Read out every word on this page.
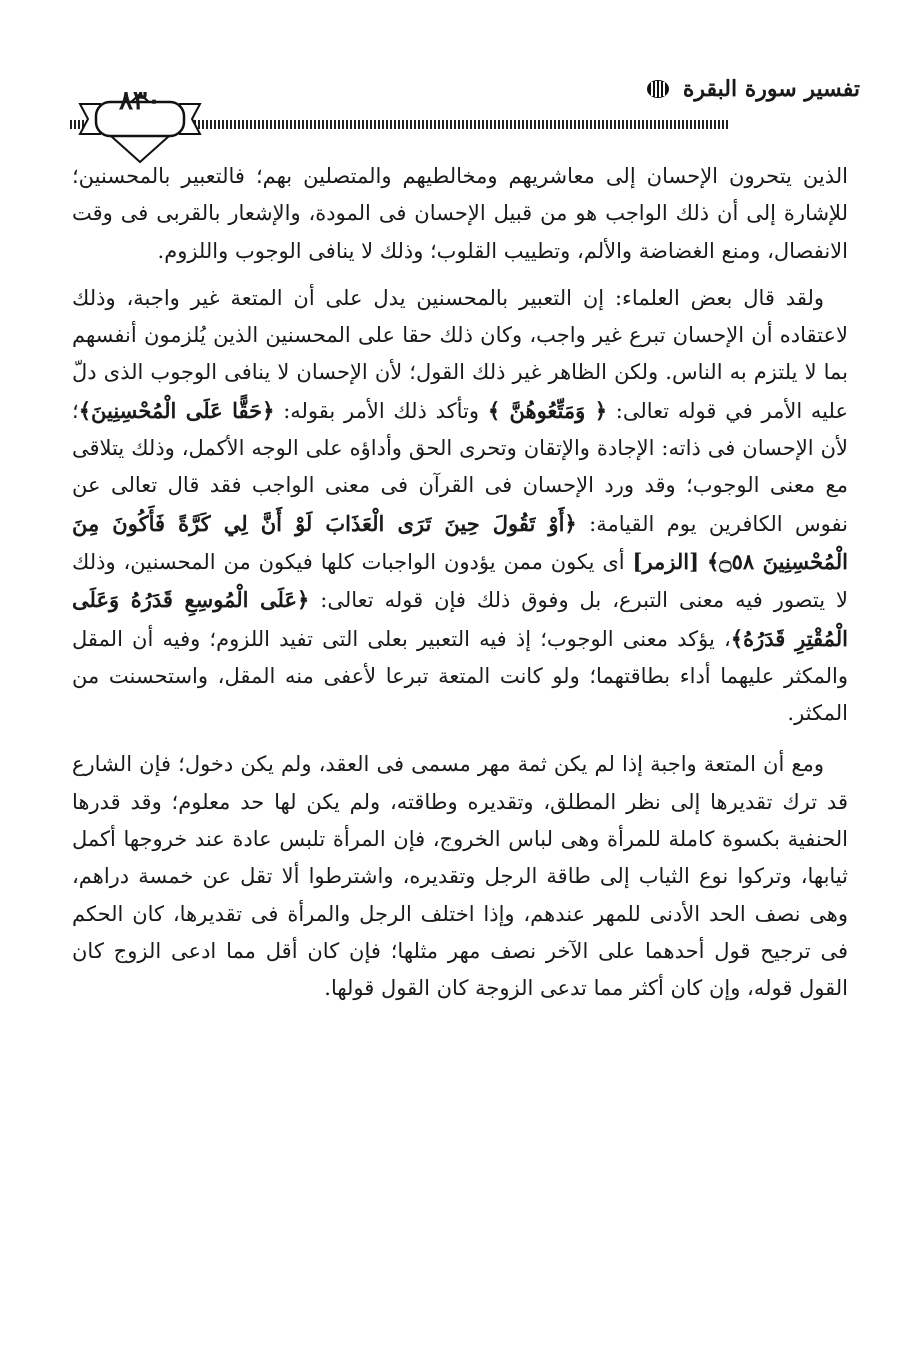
تفسير سورة البقرة
٨٣٠

الذين يتحرون الإحسان إلى معاشريهم ومخالطيهم والمتصلين بهم؛ فالتعبير بالمحسنين؛ للإشارة إلى أن ذلك الواجب هو من قبيل الإحسان فى المودة، والإشعار بالقربى فى وقت الانفصال، ومنع الغضاضة والألم، وتطييب القلوب؛ وذلك لا ينافى الوجوب واللزوم.

ولقد قال بعض العلماء: إن التعبير بالمحسنين يدل على أن المتعة غير واجبة، وذلك لاعتقاده أن الإحسان تبرع غير واجب، وكان ذلك حقا على المحسنين الذين يُلزمون أنفسهم بما لا يلتزم به الناس. ولكن الظاهر غير ذلك القول؛ لأن الإحسان لا ينافى الوجوب الذى دلّ عليه الأمر في قوله تعالى: ﴿ وَمَتِّعُوهُنَّ ﴾ وتأكد ذلك الأمر بقوله: ﴿حَقًّا عَلَى الْمُحْسِنِينَ﴾؛ لأن الإحسان فى ذاته: الإجادة والإتقان وتحرى الحق وأداؤه على الوجه الأكمل، وذلك يتلاقى مع معنى الوجوب؛ وقد ورد الإحسان فى القرآن فى معنى الواجب فقد قال تعالى عن نفوس الكافرين يوم القيامة: ﴿أَوْ تَقُولَ حِينَ تَرَى الْعَذَابَ لَوْ أَنَّ لِي كَرَّةً فَأَكُونَ مِنَ الْمُحْسِنِينَ ۝٥٨﴾ [الزمر] أى يكون ممن يؤدون الواجبات كلها فيكون من المحسنين، وذلك لا يتصور فيه معنى التبرع، بل وفوق ذلك فإن قوله تعالى: ﴿عَلَى الْمُوسِعِ قَدَرُهُ وَعَلَى الْمُقْتِرِ قَدَرُهُ﴾، يؤكد معنى الوجوب؛ إذ فيه التعبير بعلى التى تفيد اللزوم؛ وفيه أن المقل والمكثر عليهما أداء بطاقتهما؛ ولو كانت المتعة تبرعا لأعفى منه المقل، واستحسنت من المكثر.

ومع أن المتعة واجبة إذا لم يكن ثمة مهر مسمى فى العقد، ولم يكن دخول؛ فإن الشارع قد ترك تقديرها إلى نظر المطلق، وتقديره وطاقته، ولم يكن لها حد معلوم؛ وقد قدرها الحنفية بكسوة كاملة للمرأة وهى لباس الخروج، فإن المرأة تلبس عادة عند خروجها أكمل ثيابها، وتركوا نوع الثياب إلى طاقة الرجل وتقديره، واشترطوا ألا تقل عن خمسة دراهم، وهى نصف الحد الأدنى للمهر عندهم، وإذا اختلف الرجل والمرأة فى تقديرها، كان الحكم فى ترجيح قول أحدهما على الآخر نصف مهر مثلها؛ فإن كان أقل مما ادعى الزوج كان القول قوله، وإن كان أكثر مما تدعى الزوجة كان القول قولها.
